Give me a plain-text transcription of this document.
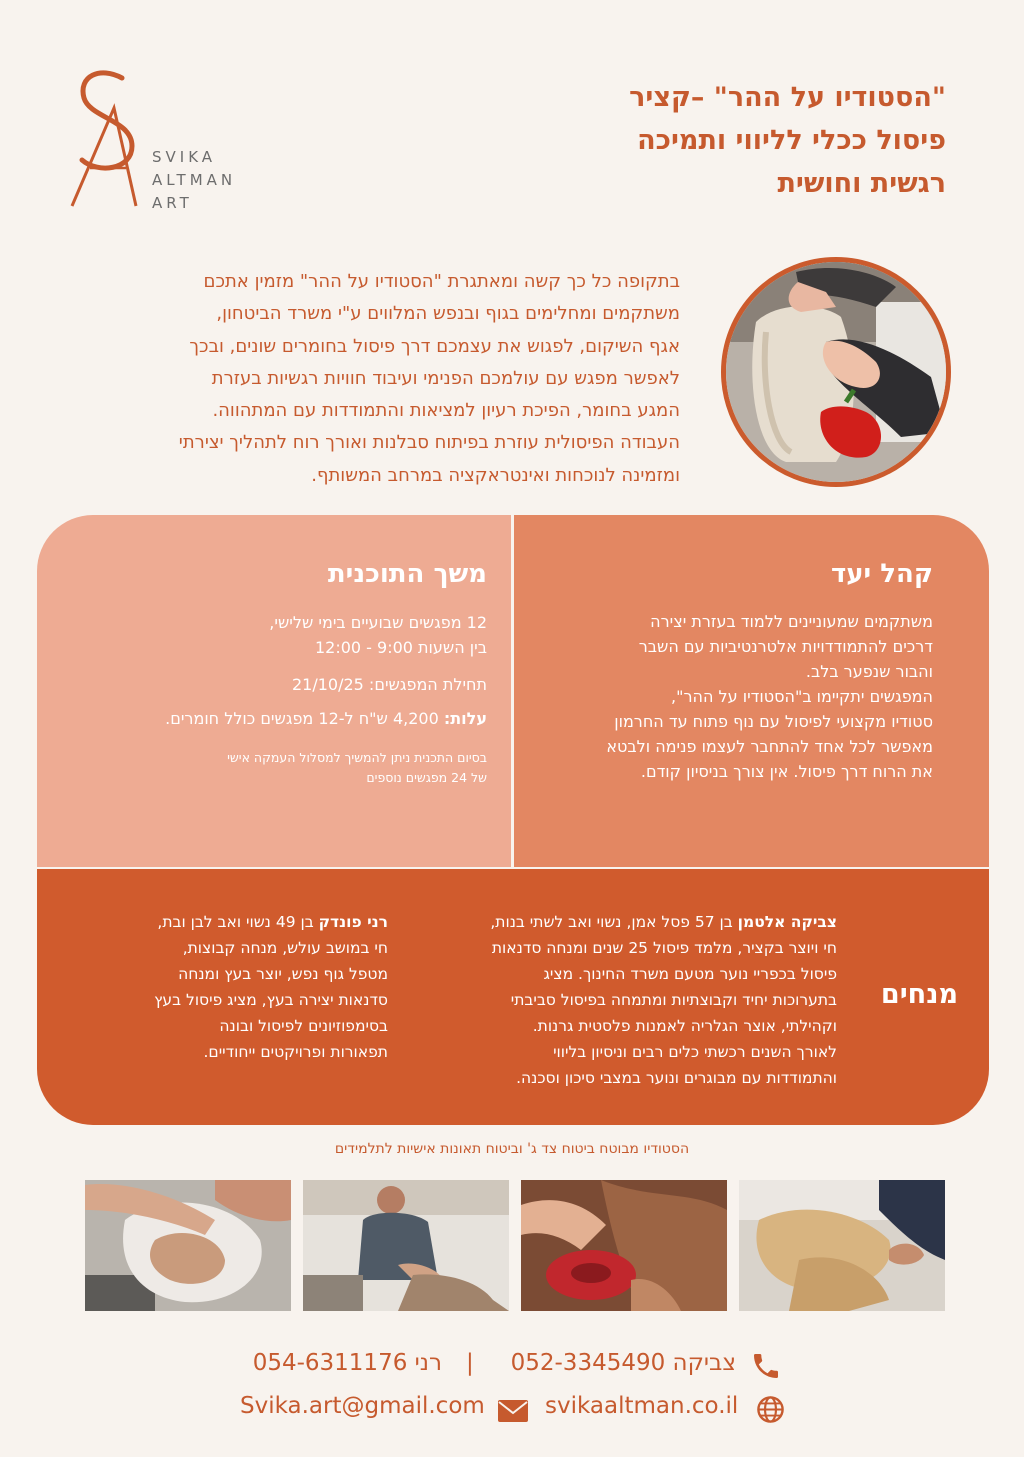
SVIKA
ALTMAN
ART
"הסטודיו על ההר" –קציר
פיסול ככלי לליווי ותמיכה
רגשית וחושית
בתקופה כל כך קשה ומאתגרת "הסטודיו על ההר" מזמין אתכם
משתקמים ומחלימים בגוף ובנפש המלווים ע"י משרד הביטחון,
אגף השיקום, לפגוש את עצמכם דרך פיסול בחומרים שונים, ובכך
לאפשר מפגש עם עולמכם הפנימי ועיבוד חוויות רגשיות בעזרת
המגע בחומר, הפיכת רעיון למציאות והתמודדות עם המתהווה.
העבודה הפיסולית עוזרת בפיתוח סבלנות ואורך רוח לתהליך יצירתי
ומזמינה לנוכחות ואינטראקציה במרחב המשותף.
משך התוכנית
12 מפגשים שבועיים בימי שלישי,
בין השעות 9:00 - 12:00
תחילת המפגשים: 21/10/25
עלות: 4,200 ש"ח ל-12 מפגשים כולל חומרים.
בסיום התכנית ניתן להמשיך למסלול העמקה אישי
של 24 מפגשים נוספים
קהל יעד
משתקמים שמעוניינים ללמוד בעזרת יצירה
דרכים להתמודדויות אלטרנטיביות עם השבר
והבור שנפער בלב.
המפגשים יתקיימו ב"הסטודיו על ההר",
סטודיו מקצועי לפיסול עם נוף פתוח עד החרמון
מאפשר לכל אחד להתחבר לעצמו פנימה ולבטא
את הרוח דרך פיסול. אין צורך בניסיון קודם.
מנחים
צביקה אלטמן בן 57 פסל אמן, נשוי ואב לשתי בנות,
חי ויוצר בקציר, מלמד פיסול 25 שנים ומנחה סדנאות
פיסול בכפריי נוער מטעם משרד החינוך. מציג
בתערוכות יחיד וקבוצתיות ומתמחה בפיסול סביבתי
וקהילתי, אוצר הגלריה לאמנות פלסטית גרנות.
לאורך השנים רכשתי כלים רבים וניסיון בליווי
והתמודדות עם מבוגרים ונוער במצבי סיכון וסכנה.
רני פונדק בן 49 נשוי ואב לבן ובת,
חי במושב עולש, מנחה קבוצות,
מטפל גוף נפש, יוצר בעץ ומנחה
סדנאות יצירה בעץ, מציג פיסול בעץ
בסימפוזיונים לפיסול ובונה
תפאורות ופרויקטים ייחודיים.
הסטודיו מבוטח ביטוח צד ג' וביטוח תאונות אישיות לתלמידים
צביקה 052-3345490
|
רני 054-6311176
svikaaltman.co.il
Svika.art@gmail.com
